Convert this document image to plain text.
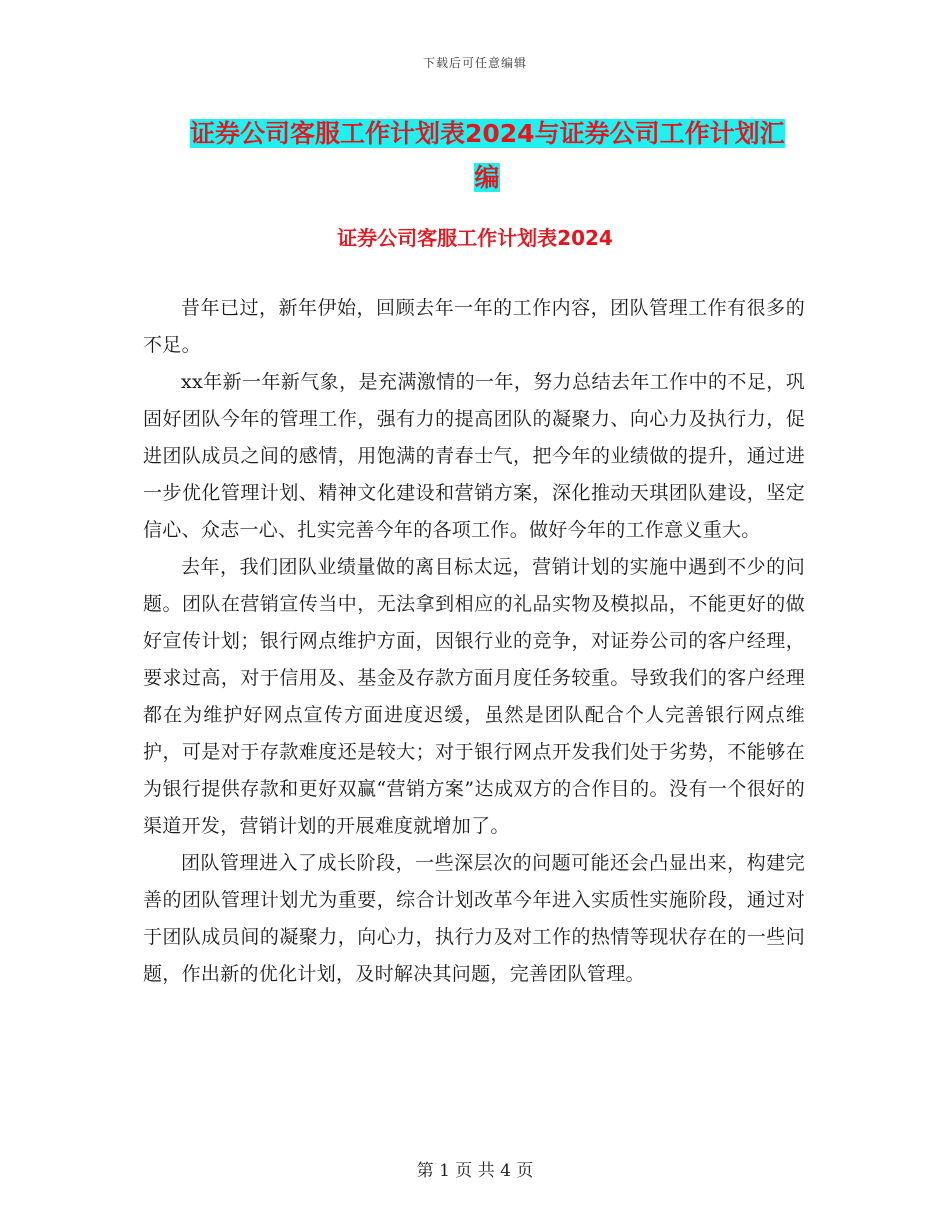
下载后可任意编辑
证券公司客服工作计划表2024与证券公司工作计划汇
编
证券公司客服工作计划表2024

昔年已过，新年伊始，回顾去年一年的工作内容，团队管理工作有很多的不足。

xx年新一年新气象，是充满激情的一年，努力总结去年工作中的不足，巩固好团队今年的管理工作，强有力的提高团队的凝聚力、向心力及执行力，促进团队成员之间的感情，用饱满的青春士气，把今年的业绩做的提升，通过进一步优化管理计划、精神文化建设和营销方案，深化推动天琪团队建设，坚定信心、众志一心、扎实完善今年的各项工作。做好今年的工作意义重大。

去年，我们团队业绩量做的离目标太远，营销计划的实施中遇到不少的问题。团队在营销宣传当中，无法拿到相应的礼品实物及模拟品，不能更好的做好宣传计划；银行网点维护方面，因银行业的竞争，对证券公司的客户经理，要求过高，对于信用及、基金及存款方面月度任务较重。导致我们的客户经理都在为维护好网点宣传方面进度迟缓，虽然是团队配合个人完善银行网点维护，可是对于存款难度还是较大；对于银行网点开发我们处于劣势，不能够在为银行提供存款和更好双赢“营销方案”达成双方的合作目的。没有一个很好的渠道开发，营销计划的开展难度就增加了。

团队管理进入了成长阶段，一些深层次的问题可能还会凸显出来，构建完善的团队管理计划尤为重要，综合计划改革今年进入实质性实施阶段，通过对于团队成员间的凝聚力，向心力，执行力及对工作的热情等现状存在的一些问题，作出新的优化计划，及时解决其问题，完善团队管理。

第 1 页 共 4 页
